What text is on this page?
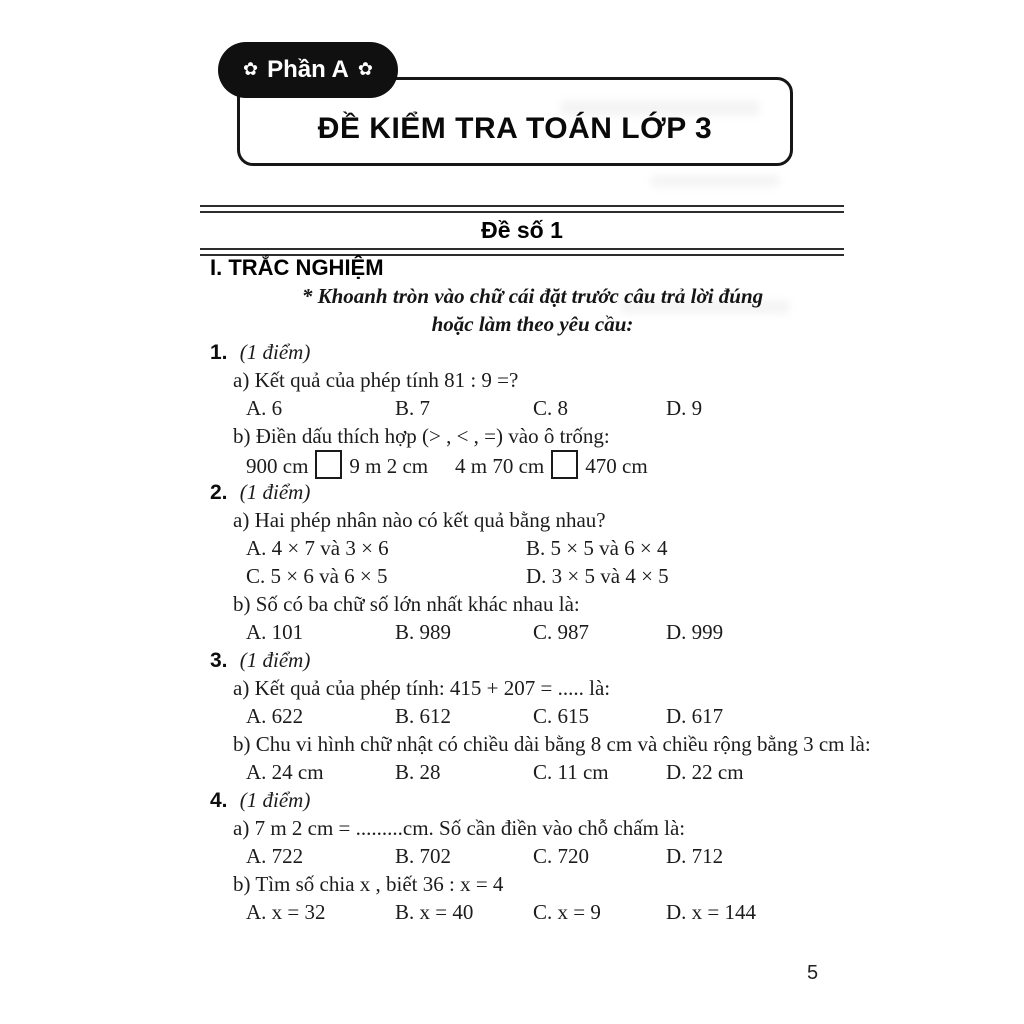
✿ Phần A ✿
ĐỀ KIỂM TRA TOÁN LỚP 3
Đề số 1
I. TRẮC NGHIỆM
* Khoanh tròn vào chữ cái đặt trước câu trả lời đúng
hoặc làm theo yêu cầu:
1. (1 điểm)
a) Kết quả của phép tính 81 : 9 =?
A. 6	B. 7	C. 8	D. 9
b) Điền dấu thích hợp (> , < , =) vào ô trống:
900 cm 9 m 2 cm 4 m 70 cm 470 cm
2. (1 điểm)
a) Hai phép nhân nào có kết quả bằng nhau?
A. 4 × 7 và 3 × 6	B. 5 × 5 và 6 × 4
C. 5 × 6 và 6 × 5	D. 3 × 5 và 4 × 5
b) Số có ba chữ số lớn nhất khác nhau là:
A. 101	B. 989	C. 987	D. 999
3. (1 điểm)
a) Kết quả của phép tính: 415 + 207 = ..... là:
A. 622	B. 612	C. 615	D. 617
b) Chu vi hình chữ nhật có chiều dài bằng 8 cm và chiều rộng bằng 3 cm là:
A. 24 cm	B. 28	C. 11 cm	D. 22 cm
4. (1 điểm)
a) 7 m 2 cm = .........cm. Số cần điền vào chỗ chấm là:
A. 722	B. 702	C. 720	D. 712
b) Tìm số chia x , biết 36 : x = 4
A. x = 32	B. x = 40	C. x = 9	D. x = 144
5
